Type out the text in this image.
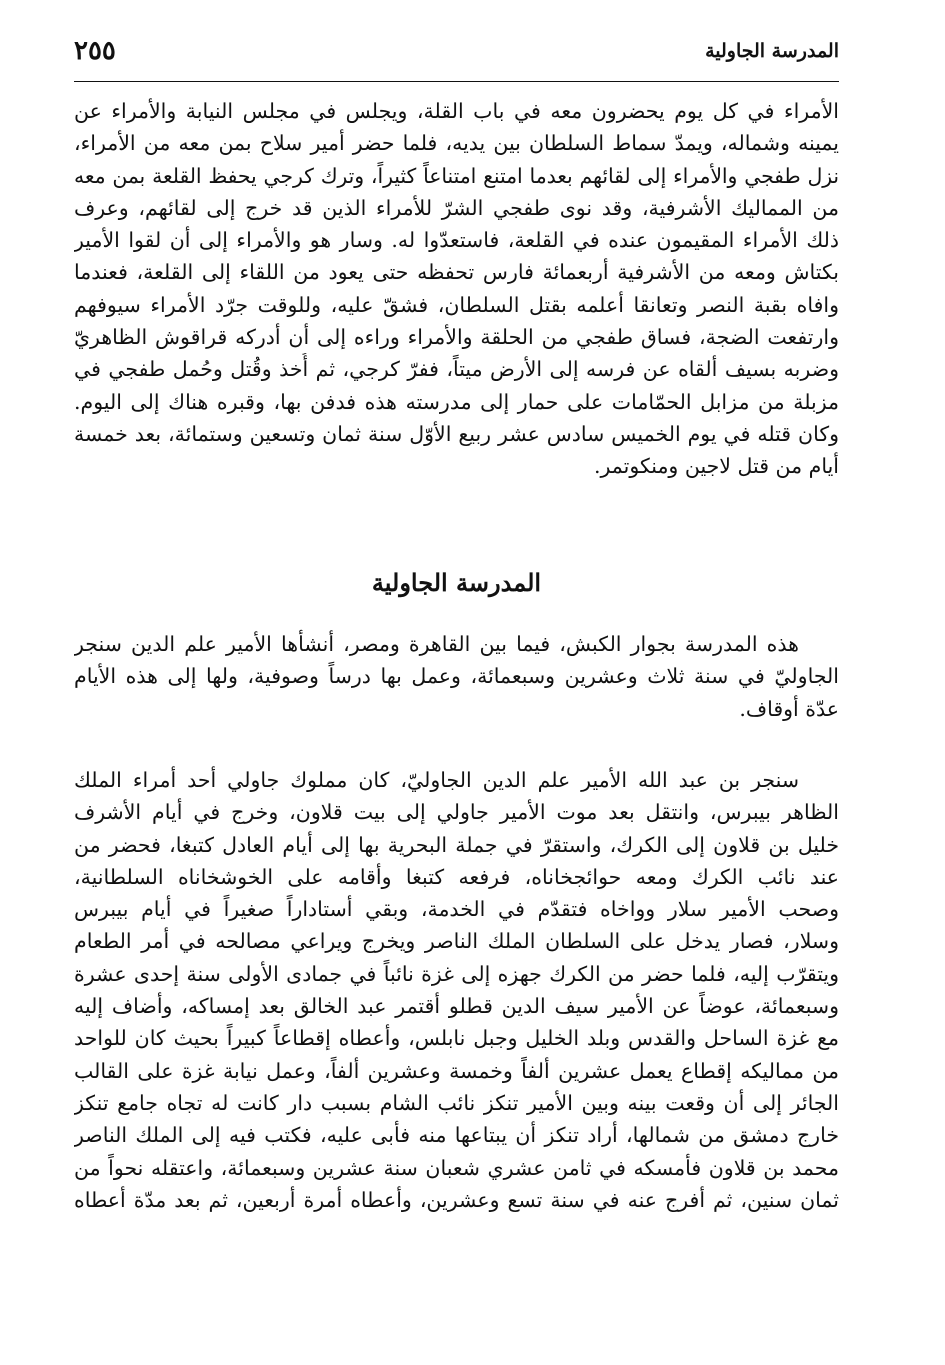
المدرسة الجاولية
٢٥٥
الأمراء في كل يوم يحضرون معه في باب القلة، ويجلس في مجلس النيابة والأمراء عن
يمينه وشماله، ويمدّ سماط السلطان بين يديه، فلما حضر أمير سلاح بمن معه من الأمراء،
نزل طفجي والأمراء إلى لقائهم بعدما امتنع امتناعاً كثيراً، وترك كرجي يحفظ القلعة بمن معه
من المماليك الأشرفية، وقد نوى طفجي الشرّ للأمراء الذين قد خرج إلى لقائهم، وعرف
ذلك الأمراء المقيمون عنده في القلعة، فاستعدّوا له. وسار هو والأمراء إلى أن لقوا الأمير
بكتاش ومعه من الأشرفية أربعمائة فارس تحفظه حتى يعود من اللقاء إلى القلعة، فعندما
وافاه بقبة النصر وتعانقا أعلمه بقتل السلطان، فشقّ عليه، وللوقت جرّد الأمراء سيوفهم
وارتفعت الضجة، فساق طفجي من الحلقة والأمراء وراءه إلى أن أدركه قراقوش الظاهريّ
وضربه بسيف ألقاه عن فرسه إلى الأرض ميتاً، ففرّ كرجي، ثم أُخذ وقُتل وحُمل طفجي في
مزبلة من مزابل الحمّامات على حمار إلى مدرسته هذه فدفن بها، وقبره هناك إلى اليوم.
وكان قتله في يوم الخميس سادس عشر ربيع الأوّل سنة ثمان وتسعين وستمائة، بعد خمسة
أيام من قتل لاجين ومنكوتمر.
المدرسة الجاولية
هذه المدرسة بجوار الكبش، فيما بين القاهرة ومصر، أنشأها الأمير علم الدين سنجر
الجاوليّ في سنة ثلاث وعشرين وسبعمائة، وعمل بها درساً وصوفية، ولها إلى هذه الأيام
عدّة أوقاف.
سنجر بن عبد الله الأمير علم الدين الجاوليّ، كان مملوك جاولي أحد أمراء الملك
الظاهر بيبرس، وانتقل بعد موت الأمير جاولي إلى بيت قلاون، وخرج في أيام الأشرف
خليل بن قلاون إلى الكرك، واستقرّ في جملة البحرية بها إلى أيام العادل كتبغا، فحضر من
عند نائب الكرك ومعه حوائجخاناه، فرفعه كتبغا وأقامه على الخوشخاناه السلطانية،
وصحب الأمير سلار وواخاه فتقدّم في الخدمة، وبقي أستاداراً صغيراً في أيام بيبرس
وسلار، فصار يدخل على السلطان الملك الناصر ويخرج ويراعي مصالحه في أمر الطعام
ويتقرّب إليه، فلما حضر من الكرك جهزه إلى غزة نائباً في جمادى الأولى سنة إحدى عشرة
وسبعمائة، عوضاً عن الأمير سيف الدين قطلو أقتمر عبد الخالق بعد إمساكه، وأضاف إليه
مع غزة الساحل والقدس وبلد الخليل وجبل نابلس، وأعطاه إقطاعاً كبيراً بحيث كان للواحد
من مماليكه إقطاع يعمل عشرين ألفاً وخمسة وعشرين ألفاً، وعمل نيابة غزة على القالب
الجائر إلى أن وقعت بينه وبين الأمير تنكز نائب الشام بسبب دار كانت له تجاه جامع تنكز
خارج دمشق من شمالها، أراد تنكز أن يبتاعها منه فأبى عليه، فكتب فيه إلى الملك الناصر
محمد بن قلاون فأمسكه في ثامن عشري شعبان سنة عشرين وسبعمائة، واعتقله نحواً من
ثمان سنين، ثم أفرج عنه في سنة تسع وعشرين، وأعطاه أمرة أربعين، ثم بعد مدّة أعطاه
